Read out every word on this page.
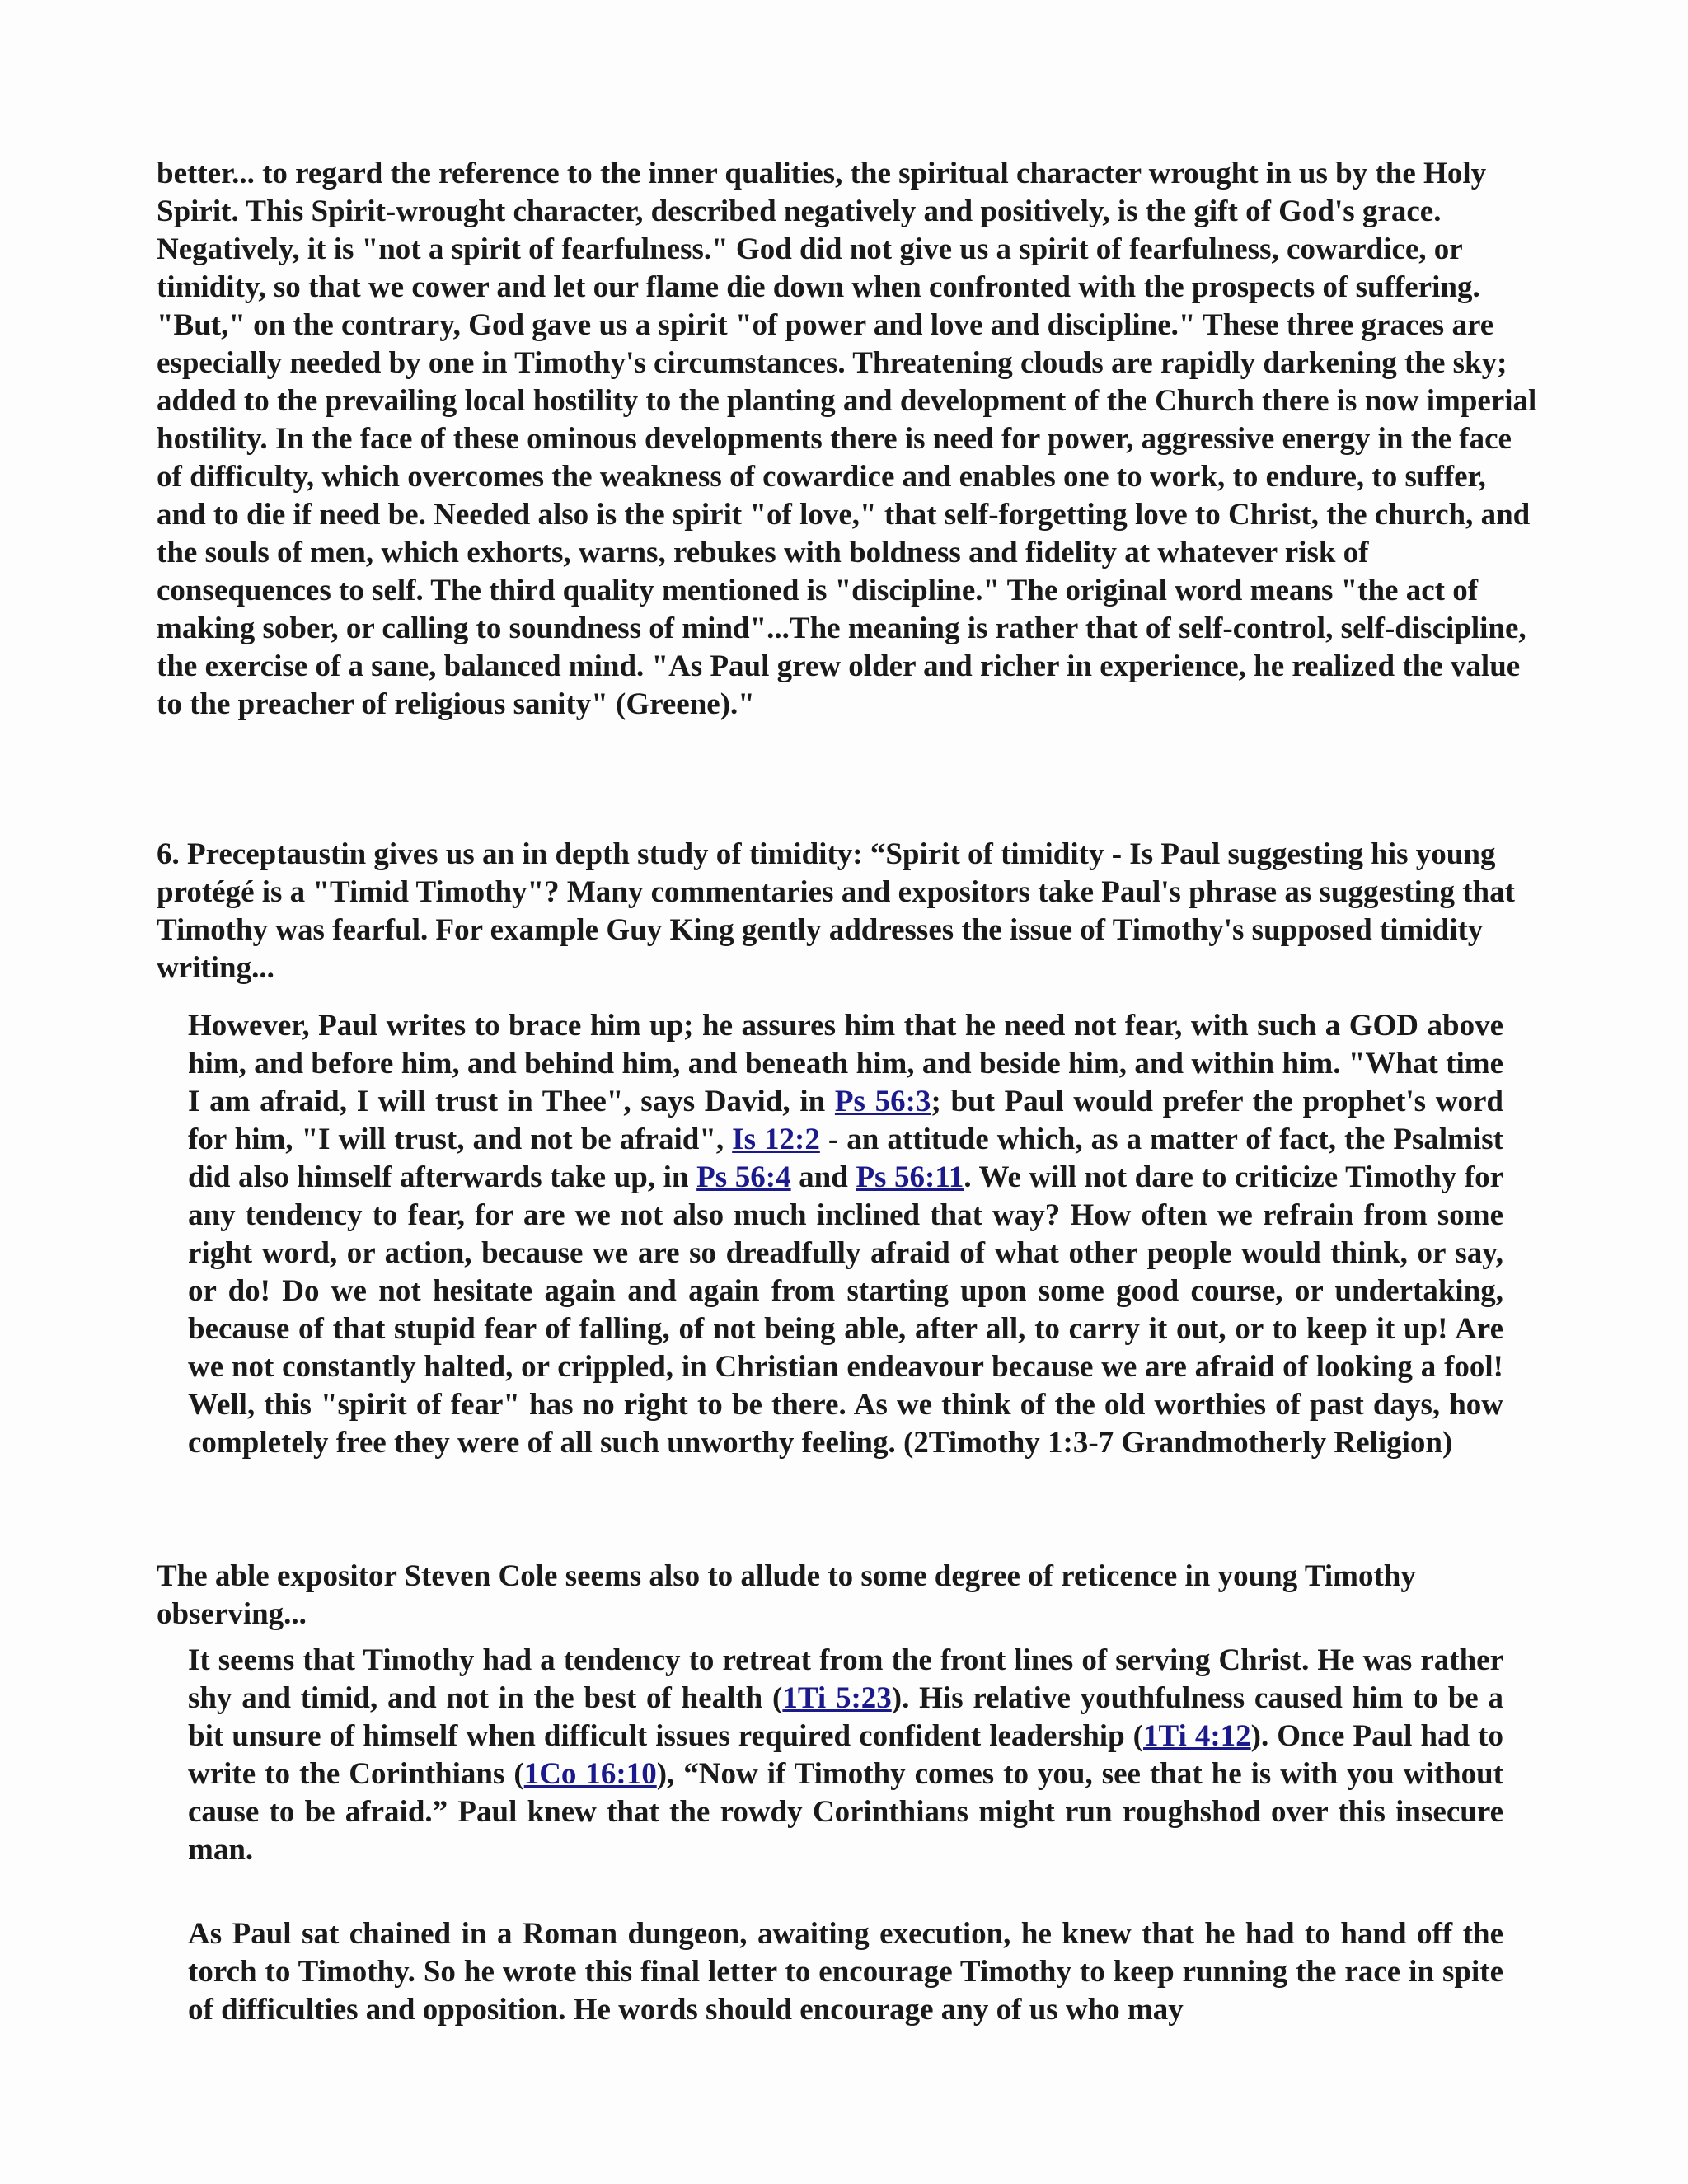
better... to regard the reference to the inner qualities, the spiritual character wrought in us by the Holy Spirit. This Spirit-wrought character, described negatively and positively, is the gift of God's grace. Negatively, it is "not a spirit of fearfulness." God did not give us a spirit of fearfulness, cowardice, or timidity, so that we cower and let our flame die down when confronted with the prospects of suffering. "But," on the contrary, God gave us a spirit "of power and love and discipline." These three graces are especially needed by one in Timothy's circumstances. Threatening clouds are rapidly darkening the sky; added to the prevailing local hostility to the planting and development of the Church there is now imperial hostility. In the face of these ominous developments there is need for power, aggressive energy in the face of difficulty, which overcomes the weakness of cowardice and enables one to work, to endure, to suffer, and to die if need be. Needed also is the spirit "of love," that self-forgetting love to Christ, the church, and the souls of men, which exhorts, warns, rebukes with boldness and fidelity at whatever risk of consequences to self. The third quality mentioned is "discipline." The original word means "the act of making sober, or calling to soundness of mind"...The meaning is rather that of self-control, self-discipline, the exercise of a sane, balanced mind. "As Paul grew older and richer in experience, he realized the value to the preacher of religious sanity" (Greene)."
6. Preceptaustin gives us an in depth study of timidity: “Spirit of timidity - Is Paul suggesting his young protégé is a "Timid Timothy"? Many commentaries and expositors take Paul's phrase as suggesting that Timothy was fearful. For example Guy King gently addresses the issue of Timothy's supposed timidity writing...
However, Paul writes to brace him up; he assures him that he need not fear, with such a GOD above him, and before him, and behind him, and beneath him, and beside him, and within him. "What time I am afraid, I will trust in Thee", says David, in Ps 56:3; but Paul would prefer the prophet's word for him, "I will trust, and not be afraid", Is 12:2 - an attitude which, as a matter of fact, the Psalmist did also himself afterwards take up, in Ps 56:4 and Ps 56:11. We will not dare to criticize Timothy for any tendency to fear, for are we not also much inclined that way? How often we refrain from some right word, or action, because we are so dreadfully afraid of what other people would think, or say, or do! Do we not hesitate again and again from starting upon some good course, or undertaking, because of that stupid fear of falling, of not being able, after all, to carry it out, or to keep it up! Are we not constantly halted, or crippled, in Christian endeavour because we are afraid of looking a fool! Well, this "spirit of fear" has no right to be there. As we think of the old worthies of past days, how completely free they were of all such unworthy feeling. (2Timothy 1:3-7 Grandmotherly Religion)
The able expositor Steven Cole seems also to allude to some degree of reticence in young Timothy observing...
It seems that Timothy had a tendency to retreat from the front lines of serving Christ. He was rather shy and timid, and not in the best of health (1Ti 5:23). His relative youthfulness caused him to be a bit unsure of himself when difficult issues required confident leadership (1Ti 4:12). Once Paul had to write to the Corinthians (1Co 16:10), “Now if Timothy comes to you, see that he is with you without cause to be afraid.” Paul knew that the rowdy Corinthians might run roughshod over this insecure man.
As Paul sat chained in a Roman dungeon, awaiting execution, he knew that he had to hand off the torch to Timothy. So he wrote this final letter to encourage Timothy to keep running the race in spite of difficulties and opposition. He words should encourage any of us who may
